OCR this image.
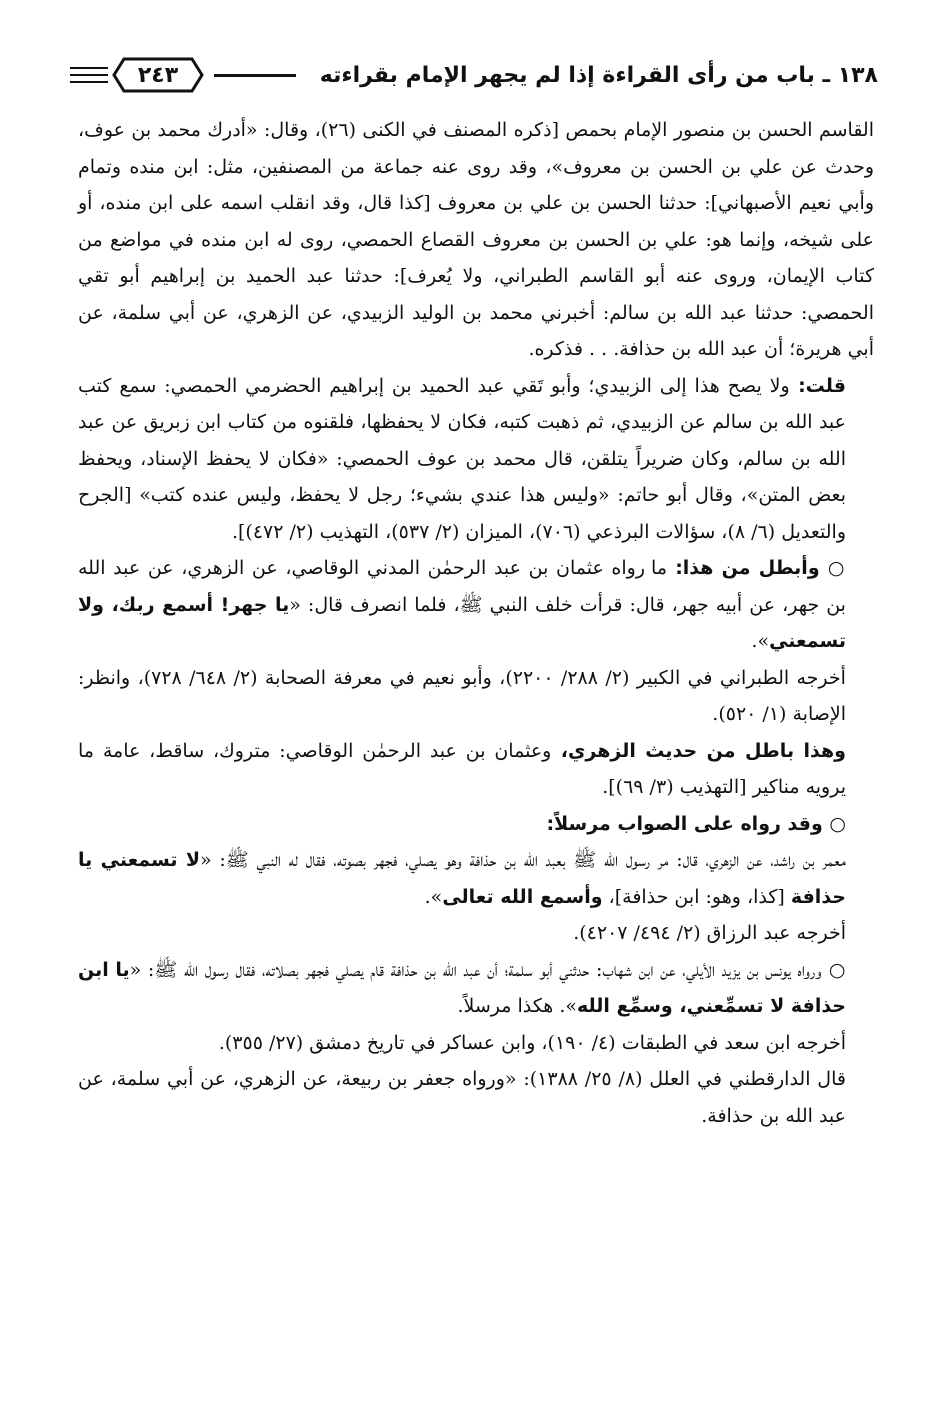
١٣٨ ـ باب من رأى القراءة إذا لم يجهر الإمام بقراءته
٢٤٣

القاسم الحسن بن منصور الإمام بحمص [ذكره المصنف في الكنى (٢٦)، وقال: «أدرك محمد بن عوف، وحدث عن علي بن الحسن بن معروف»، وقد روى عنه جماعة من المصنفين، مثل: ابن منده وتمام وأبي نعيم الأصبهاني]: حدثنا الحسن بن علي بن معروف [كذا قال، وقد انقلب اسمه على ابن منده، أو على شيخه، وإنما هو: علي بن الحسن بن معروف القصاع الحمصي، روى له ابن منده في مواضع من كتاب الإيمان، وروى عنه أبو القاسم الطبراني، ولا يُعرف]: حدثنا عبد الحميد بن إبراهيم أبو تقي الحمصي: حدثنا عبد الله بن سالم: أخبرني محمد بن الوليد الزبيدي، عن الزهري، عن أبي سلمة، عن أبي هريرة؛ أن عبد الله بن حذافة. . . فذكره.

قلت: ولا يصح هذا إلى الزبيدي؛ وأبو تَقي عبد الحميد بن إبراهيم الحضرمي الحمصي: سمع كتب عبد الله بن سالم عن الزبيدي، ثم ذهبت كتبه، فكان لا يحفظها، فلقنوه من كتاب ابن زبريق عن عبد الله بن سالم، وكان ضريراً يتلقن، قال محمد بن عوف الحمصي: «فكان لا يحفظ الإسناد، ويحفظ بعض المتن»، وقال أبو حاتم: «وليس هذا عندي بشيء؛ رجل لا يحفظ، وليس عنده كتب» [الجرح والتعديل (٦/ ٨)، سؤالات البرذعي (٧٠٦)، الميزان (٢/ ٥٣٧)، التهذيب (٢/ ٤٧٢)].

○ وأبطل من هذا: ما رواه عثمان بن عبد الرحمٰن المدني الوقاصي، عن الزهري، عن عبد الله بن جهر، عن أبيه جهر، قال: قرأت خلف النبي ﷺ، فلما انصرف قال: «يا جهر! أسمع ربك، ولا تسمعني».

أخرجه الطبراني في الكبير (٢/ ٢٨٨/ ٢٢٠٠)، وأبو نعيم في معرفة الصحابة (٢/ ٦٤٨/ ٧٢٨)، وانظر: الإصابة (١/ ٥٢٠).

وهذا باطل من حديث الزهري، وعثمان بن عبد الرحمٰن الوقاصي: متروك، ساقط، عامة ما يرويه مناكير [التهذيب (٣/ ٦٩)].

○ وقد رواه على الصواب مرسلاً:

معمر بن راشد، عن الزهري، قال: مر رسول الله ﷺ بعبد الله بن حذافة وهو يصلي، فجهر بصوته، فقال له النبي ﷺ: «لا تسمعني يا حذافة [كذا، وهو: ابن حذافة]، وأسمع الله تعالى».

أخرجه عبد الرزاق (٢/ ٤٩٤/ ٤٢٠٧).

○ ورواه يونس بن يزيد الأيلي، عن ابن شهاب: حدثني أبو سلمة؛ أن عبد الله بن حذافة قام يصلي فجهر بصلاته، فقال رسول الله ﷺ: «يا ابن حذافة لا تسمِّعني، وسمِّع الله». هكذا مرسلاً.

أخرجه ابن سعد في الطبقات (٤/ ١٩٠)، وابن عساكر في تاريخ دمشق (٢٧/ ٣٥٥).

قال الدارقطني في العلل (٨/ ٢٥/ ١٣٨٨): «ورواه جعفر بن ربيعة، عن الزهري، عن أبي سلمة، عن عبد الله بن حذافة.
